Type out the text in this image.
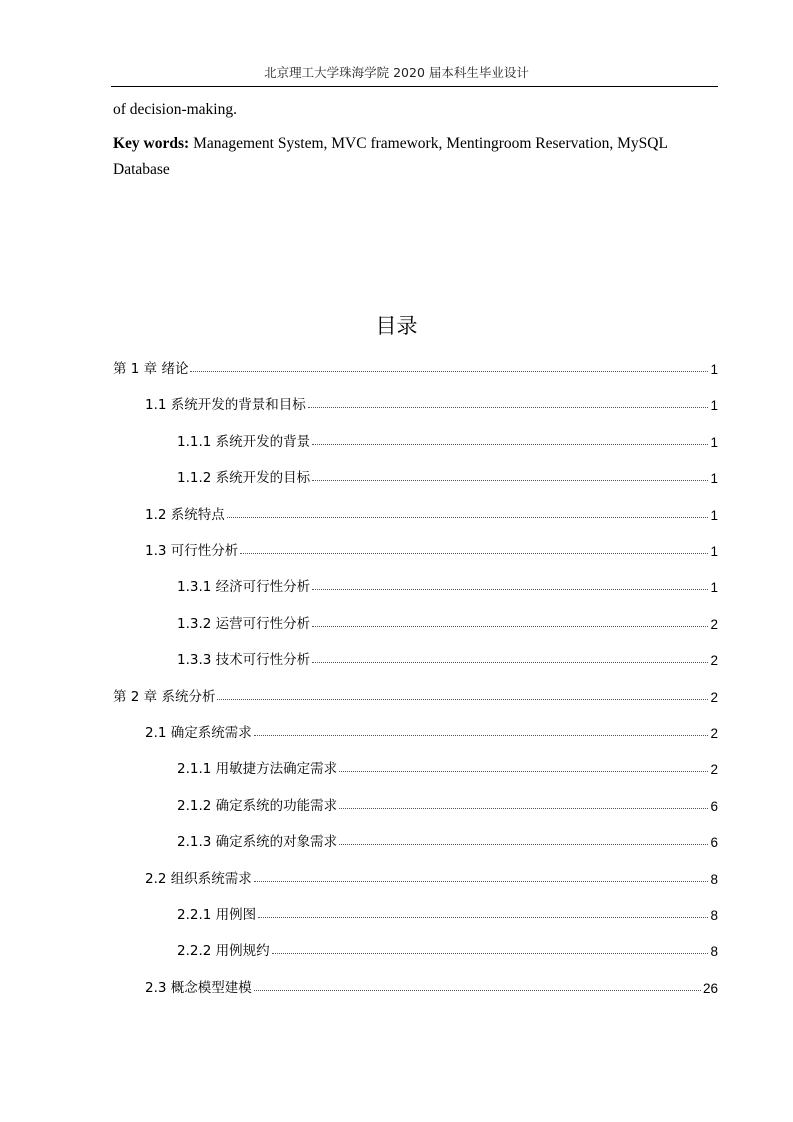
北京理工大学珠海学院 2020 届本科生毕业设计
of decision-making.
Key words: Management System, MVC framework, Mentingroom Reservation, MySQL Database
目录
第 1 章 绪论	1
1.1 系统开发的背景和目标	1
1.1.1 系统开发的背景	1
1.1.2 系统开发的目标	1
1.2 系统特点	1
1.3 可行性分析	1
1.3.1 经济可行性分析	1
1.3.2 运营可行性分析	2
1.3.3 技术可行性分析	2
第 2 章 系统分析	2
2.1 确定系统需求	2
2.1.1 用敏捷方法确定需求	2
2.1.2 确定系统的功能需求	6
2.1.3 确定系统的对象需求	6
2.2 组织系统需求	8
2.2.1 用例图	8
2.2.2 用例规约	8
2.3 概念模型建模	26
